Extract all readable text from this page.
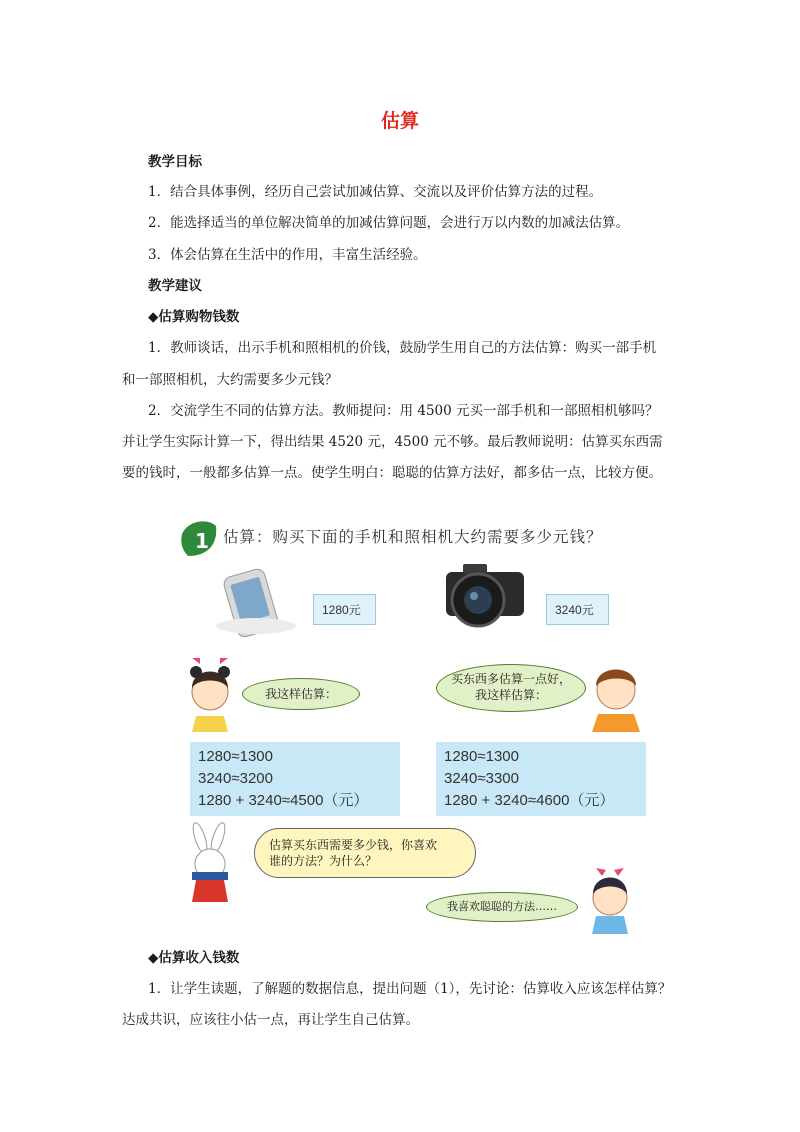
估算
教学目标
1．结合具体事例，经历自己尝试加减估算、交流以及评价估算方法的过程。
2．能选择适当的单位解决简单的加减估算问题，会进行万以内数的加减法估算。
3．体会估算在生活中的作用，丰富生活经验。
教学建议
◆估算购物钱数
1．教师谈话，出示手机和照相机的价钱，鼓励学生用自己的方法估算：购买一部手机
和一部照相机，大约需要多少元钱？
2．交流学生不同的估算方法。教师提问：用 4500 元买一部手机和一部照相机够吗？
并让学生实际计算一下，得出结果 4520 元，4500 元不够。最后教师说明：估算买东西需
要的钱时，一般都多估算一点。使学生明白：聪聪的估算方法好，都多估一点，比较方便。
1 估算：购买下面的手机和照相机大约需要多少元钱？
1280元	3240元
我这样估算：
买东西多估算一点好，
我这样估算：
1280≈1300
3240≈3200
1280 + 3240≈4500（元）
1280≈1300
3240≈3300
1280 + 3240≈4600（元）
估算买东西需要多少钱，你喜欢
谁的方法？为什么？
我喜欢聪聪的方法……
◆估算收入钱数
1．让学生读题，了解题的数据信息，提出问题（1），先讨论：估算收入应该怎样估算？
达成共识，应该往小估一点，再让学生自己估算。
